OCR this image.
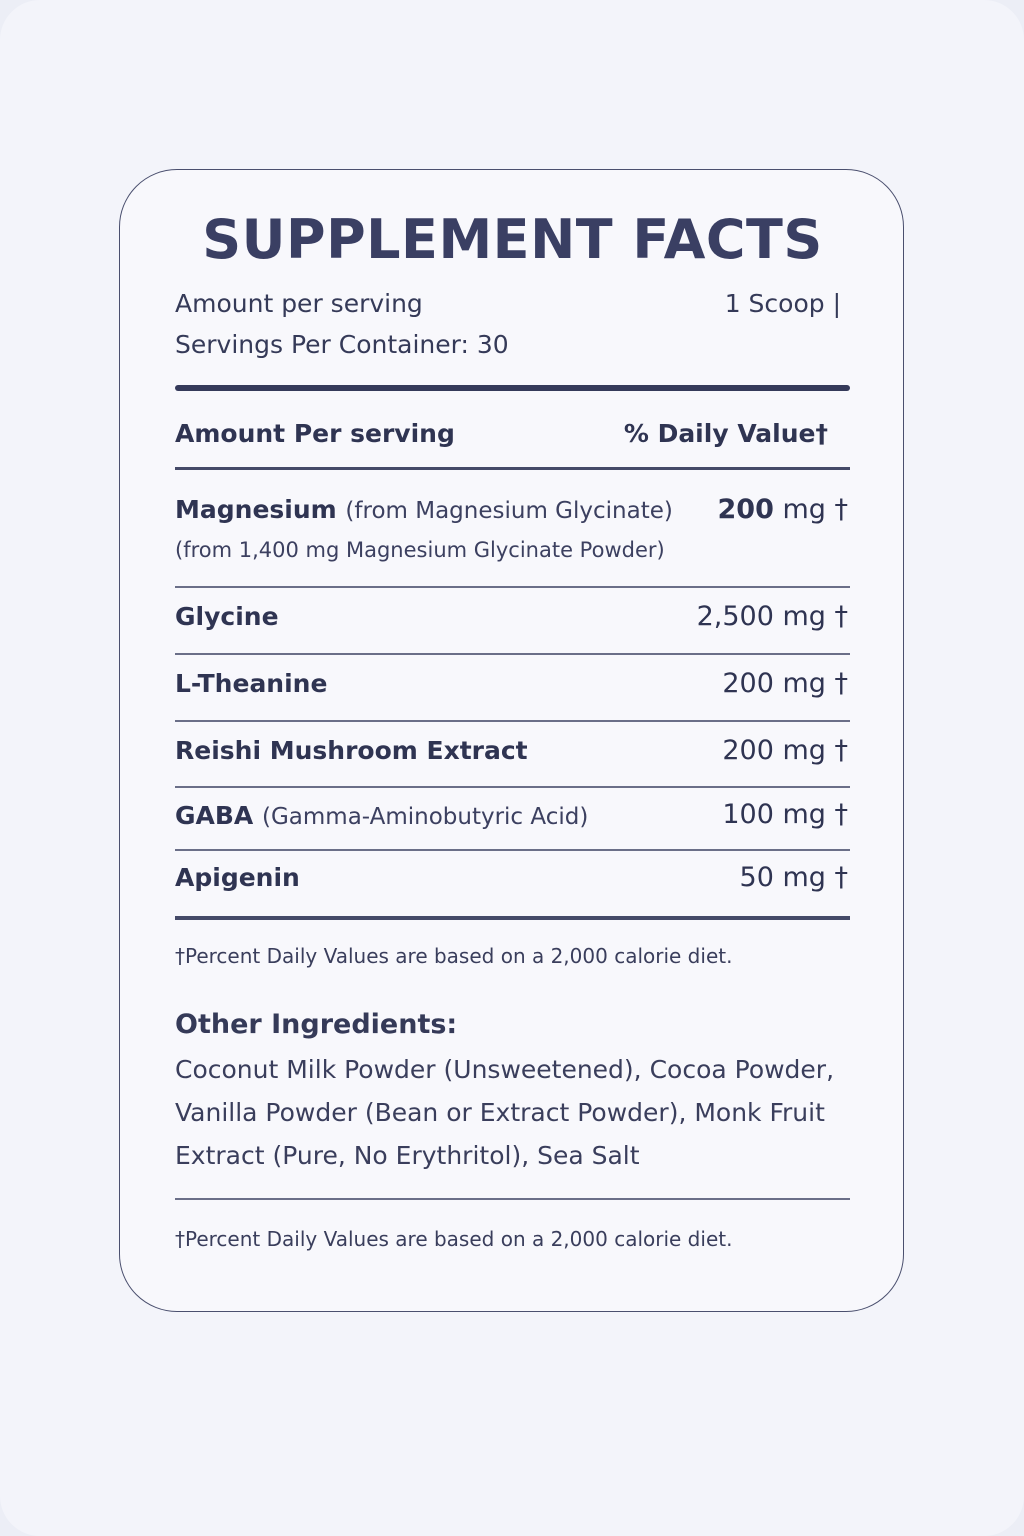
SUPPLEMENT FACTS
Amount per serving	1 Scoop |
Servings Per Container: 30
Amount Per serving	% Daily Value†
Magnesium (from Magnesium Glycinate) 200 mg †
(from 1,400 mg Magnesium Glycinate Powder)
Glycine	2,500 mg †
L-Theanine	200 mg †
Reishi Mushroom Extract	200 mg †
GABA (Gamma-Aminobutyric Acid)	100 mg †
Apigenin	50 mg †
†Percent Daily Values are based on a 2,000 calorie diet.
Other Ingredients:
Coconut Milk Powder (Unsweetened), Cocoa Powder, Vanilla Powder (Bean or Extract Powder), Monk Fruit Extract (Pure, No Erythritol), Sea Salt
†Percent Daily Values are based on a 2,000 calorie diet.
